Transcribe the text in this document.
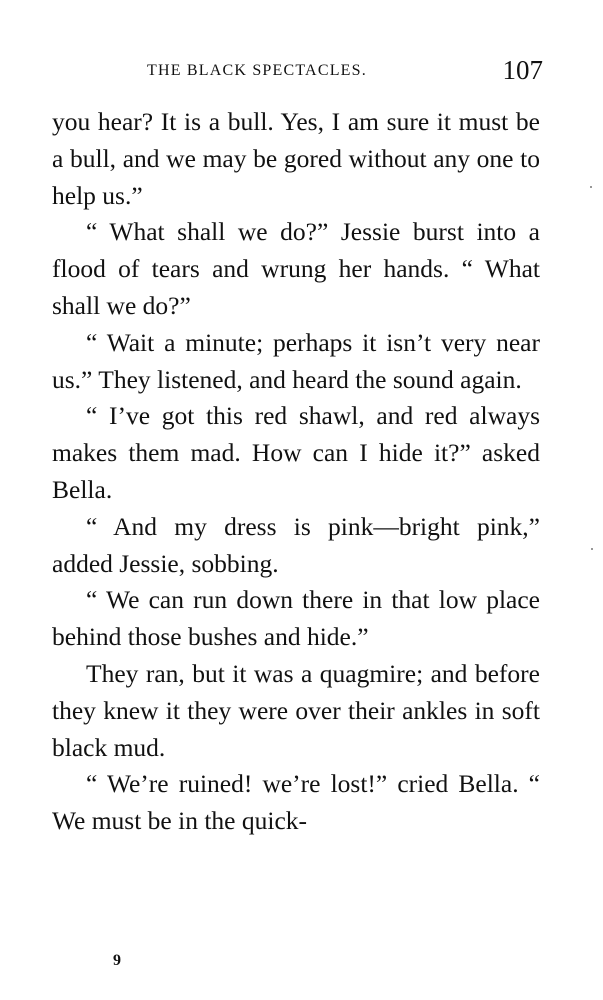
THE BLACK SPECTACLES.	107

you hear? It is a bull. Yes, I am sure it must be a bull, and we may be gored without any one to help us.”

“ What shall we do?” Jessie burst into a flood of tears and wrung her hands. “ What shall we do?”

“ Wait a minute; perhaps it isn’t very near us.” They listened, and heard the sound again.

“ I’ve got this red shawl, and red always makes them mad. How can I hide it?” asked Bella.

“ And my dress is pink—bright pink,” added Jessie, sobbing.

“ We can run down there in that low place behind those bushes and hide.”

They ran, but it was a quagmire; and before they knew it they were over their ankles in soft black mud.

“ We’re ruined! we’re lost!” cried Bella. “ We must be in the quick-

9
